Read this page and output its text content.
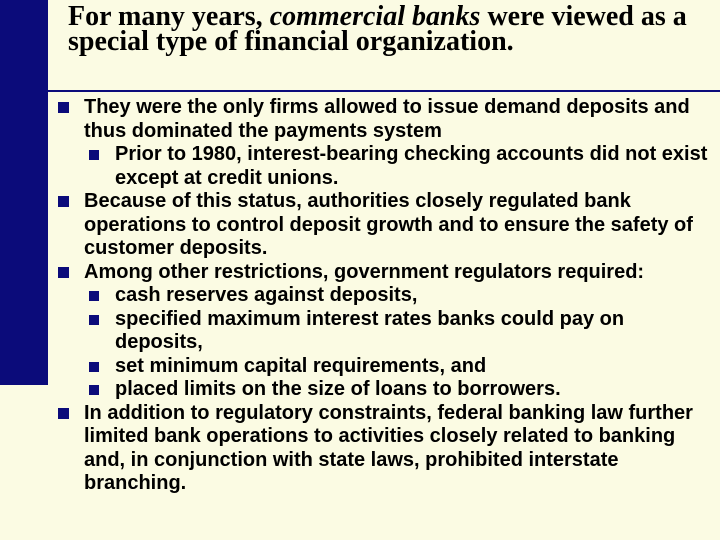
For many years, commercial banks were viewed as a special type of financial organization.
They were the only firms allowed to issue demand deposits and thus dominated the payments system
Prior to 1980, interest-bearing checking accounts did not exist except at credit unions.
Because of this status, authorities closely regulated bank operations to control deposit growth and to ensure the safety of customer deposits.
Among other restrictions, government regulators required:
cash reserves against deposits,
specified maximum interest rates banks could pay on deposits,
set minimum capital requirements, and
placed limits on the size of loans to borrowers.
In addition to regulatory constraints, federal banking law further limited bank operations to activities closely related to banking and, in conjunction with state laws, prohibited interstate branching.
